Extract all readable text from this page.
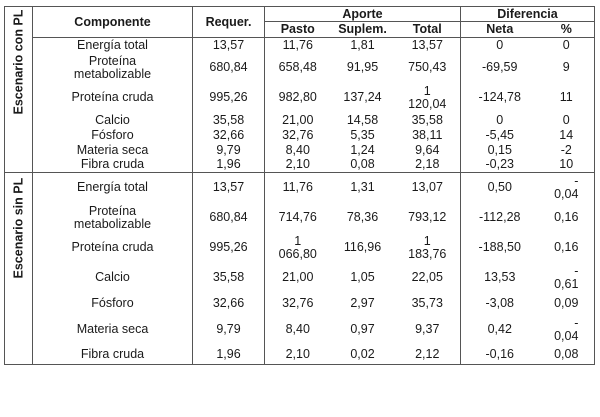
	Componente	Requer.	Aporte			Diferencia	
			Pasto	Suplem.	Total	Neta	%

Escenario con PL	Energía total	13,57	11,76	1,81	13,57	0	0
	Proteína
metabolizable	680,84	658,48	91,95	750,43	-69,59	9
	Proteína cruda	995,26	982,80	137,24	1
120,04	-124,78	11
	Calcio	35,58	21,00	14,58	35,58	0	0
	Fósforo	32,66	32,76	5,35	38,11	-5,45	14
	Materia seca	9,79	8,40	1,24	9,64	0,15	-2
	Fibra cruda	1,96	2,10	0,08	2,18	-0,23	10

Escenario sin PL	Energía total	13,57	11,76	1,31	13,07	0,50	-
0,04
	Proteína
metabolizable	680,84	714,76	78,36	793,12	-112,28	0,16
	Proteína cruda	995,26	1
066,80	116,96	1
183,76	-188,50	0,16
	Calcio	35,58	21,00	1,05	22,05	13,53	-
0,61
	Fósforo	32,66	32,76	2,97	35,73	-3,08	0,09
	Materia seca	9,79	8,40	0,97	9,37	0,42	-
0,04
	Fibra cruda	1,96	2,10	0,02	2,12	-0,16	0,08
